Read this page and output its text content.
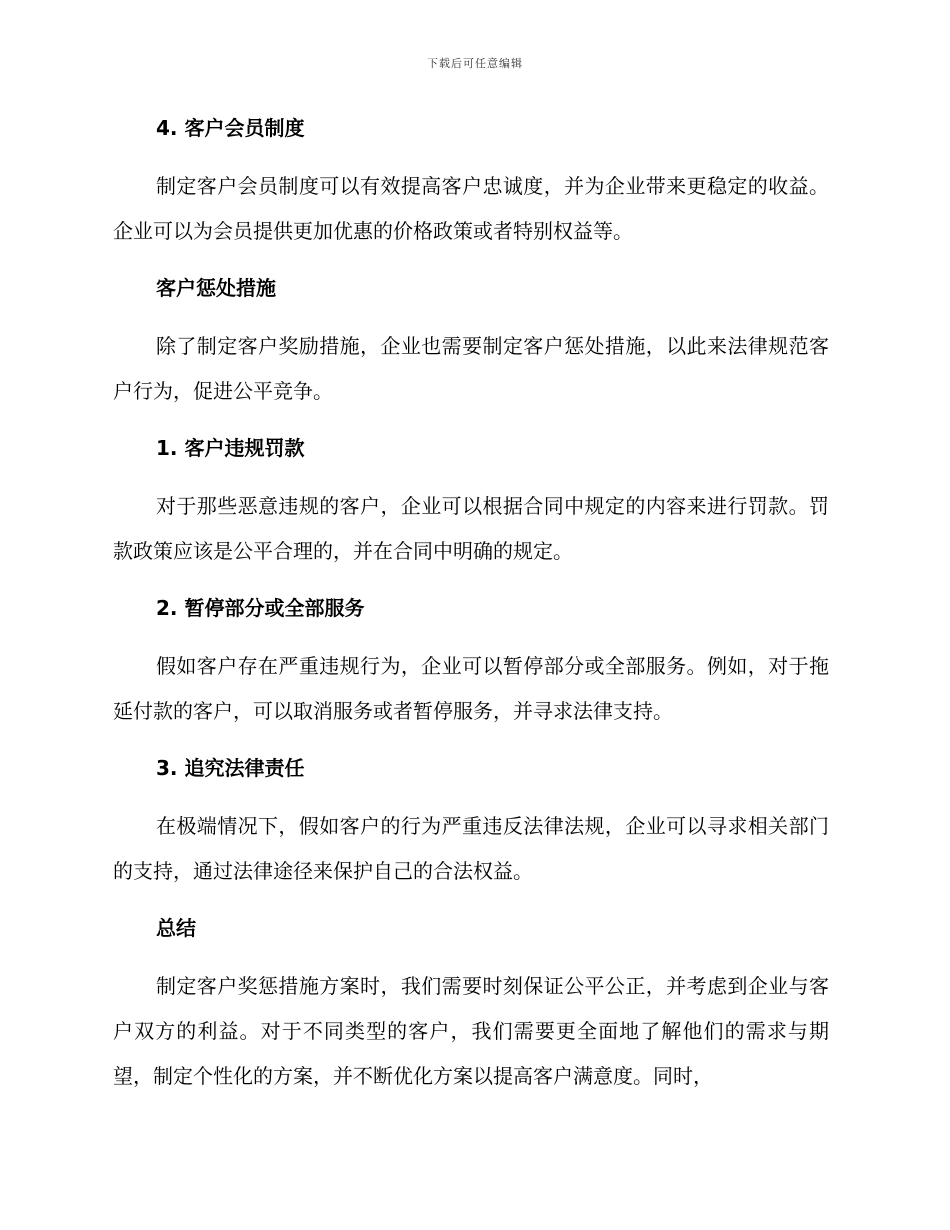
下载后可任意编辑
4. 客户会员制度
制定客户会员制度可以有效提高客户忠诚度，并为企业带来更稳定的收益。企业可以为会员提供更加优惠的价格政策或者特别权益等。
客户惩处措施
除了制定客户奖励措施，企业也需要制定客户惩处措施，以此来法律规范客户行为，促进公平竞争。
1. 客户违规罚款
对于那些恶意违规的客户，企业可以根据合同中规定的内容来进行罚款。罚款政策应该是公平合理的，并在合同中明确的规定。
2. 暂停部分或全部服务
假如客户存在严重违规行为，企业可以暂停部分或全部服务。例如，对于拖延付款的客户，可以取消服务或者暂停服务，并寻求法律支持。
3. 追究法律责任
在极端情况下，假如客户的行为严重违反法律法规，企业可以寻求相关部门的支持，通过法律途径来保护自己的合法权益。
总结
制定客户奖惩措施方案时，我们需要时刻保证公平公正，并考虑到企业与客户双方的利益。对于不同类型的客户，我们需要更全面地了解他们的需求与期望，制定个性化的方案，并不断优化方案以提高客户满意度。同时，
